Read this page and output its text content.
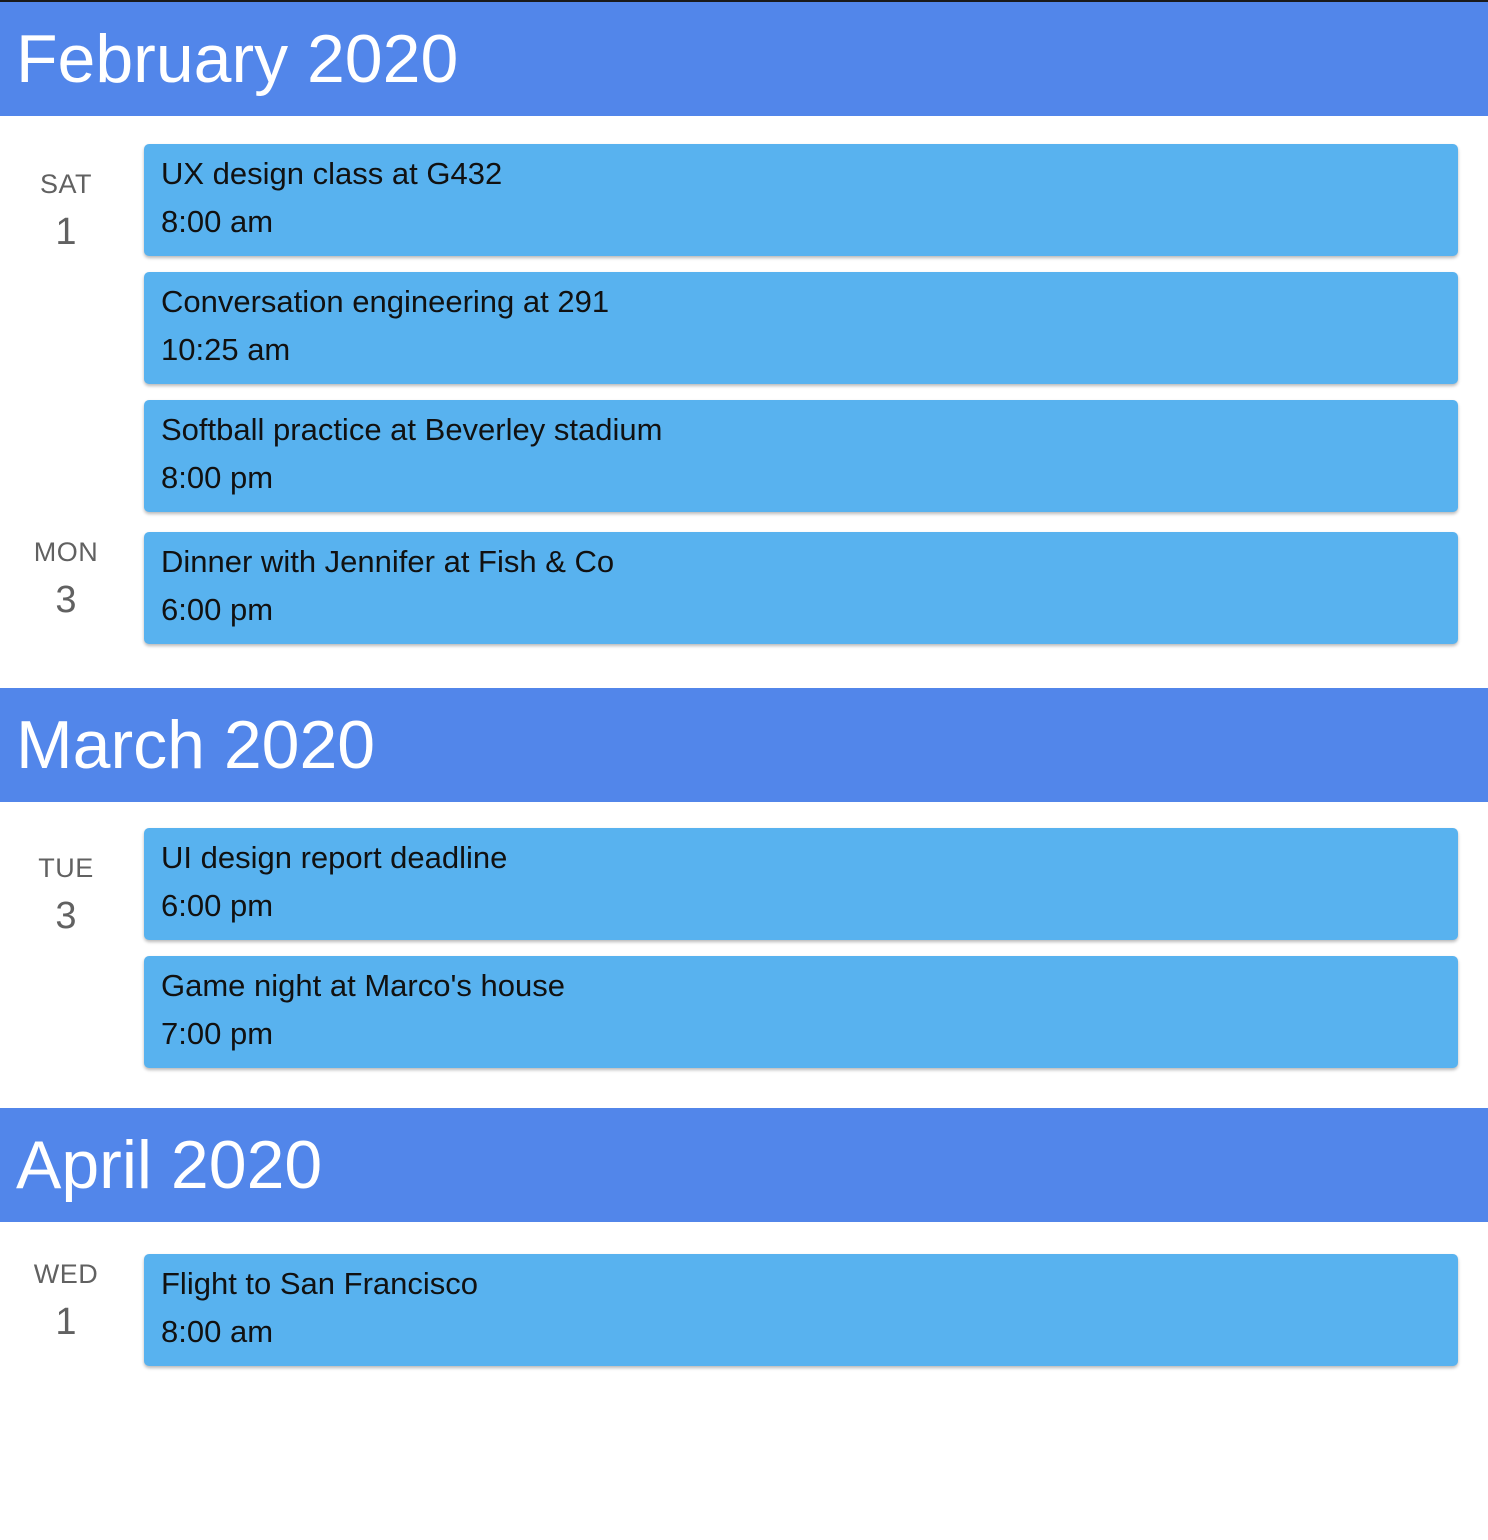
February 2020
SAT
1
UX design class at G432
8:00 am
Conversation engineering at 291
10:25 am
Softball practice at Beverley stadium
8:00 pm
MON
3
Dinner with Jennifer at Fish & Co
6:00 pm
March 2020
TUE
3
UI design report deadline
6:00 pm
Game night at Marco's house
7:00 pm
April 2020
WED
1
Flight to San Francisco
8:00 am
